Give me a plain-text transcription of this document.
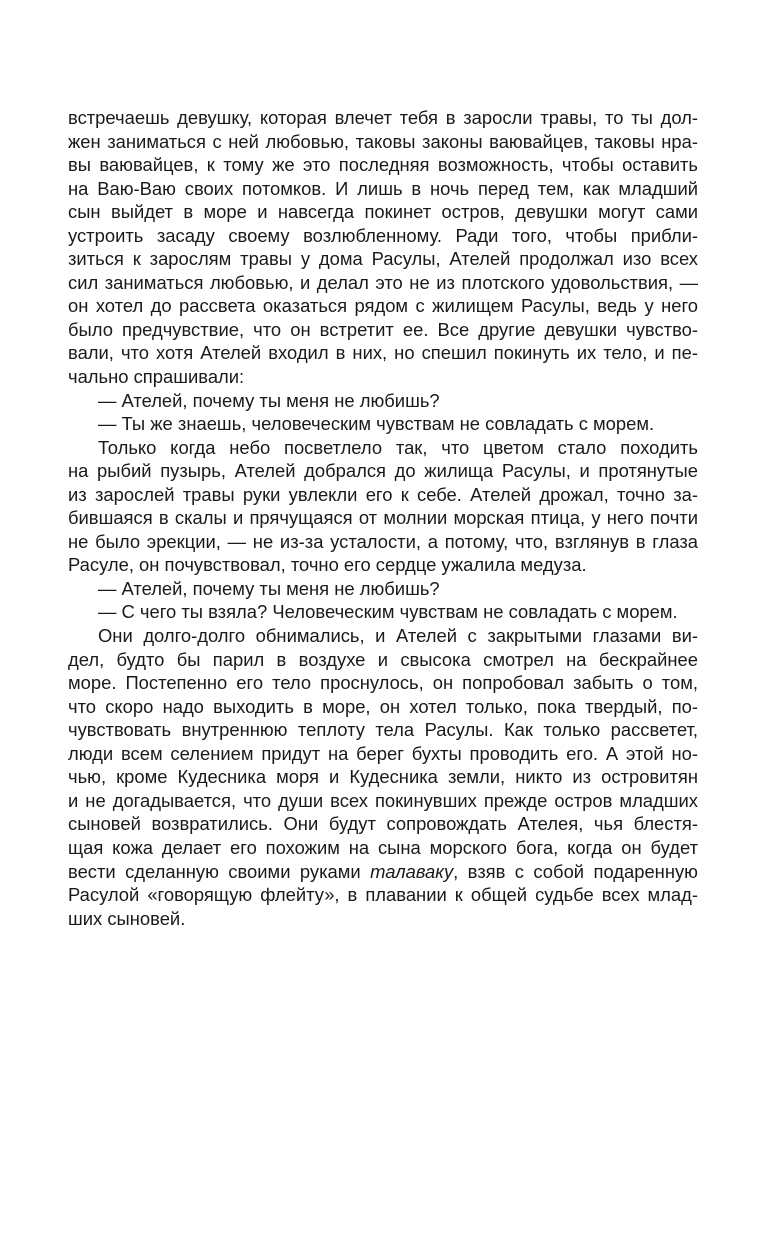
встречаешь девушку, которая влечет тебя в заросли травы, то ты дол-
жен заниматься с ней любовью, таковы законы ваювайцев, таковы нра-
вы ваювайцев, к тому же это последняя возможность, чтобы оставить
на Ваю-Ваю своих потомков. И лишь в ночь перед тем, как младший
сын выйдет в море и навсегда покинет остров, девушки могут сами
устроить засаду своему возлюбленному. Ради того, чтобы прибли-
зиться к зарослям травы у дома Расулы, Ателей продолжал изо всех
сил заниматься любовью, и делал это не из плотского удовольствия, —
он хотел до рассвета оказаться рядом с жилищем Расулы, ведь у него
было предчувствие, что он встретит ее. Все другие девушки чувство-
вали, что хотя Ателей входил в них, но спешил покинуть их тело, и пе-
чально спрашивали:
— Ателей, почему ты меня не любишь?
— Ты же знаешь, человеческим чувствам не совладать с морем.
Только когда небо посветлело так, что цветом стало походить
на рыбий пузырь, Ателей добрался до жилища Расулы, и протянутые
из зарослей травы руки увлекли его к себе. Ателей дрожал, точно за-
бившаяся в скалы и прячущаяся от молнии морская птица, у него почти
не было эрекции, — не из-за усталости, а потому, что, взглянув в глаза
Расуле, он почувствовал, точно его сердце ужалила медуза.
— Ателей, почему ты меня не любишь?
— С чего ты взяла? Человеческим чувствам не совладать с морем.
Они долго-долго обнимались, и Ателей с закрытыми глазами ви-
дел, будто бы парил в воздухе и свысока смотрел на бескрайнее
море. Постепенно его тело проснулось, он попробовал забыть о том,
что скоро надо выходить в море, он хотел только, пока твердый, по-
чувствовать внутреннюю теплоту тела Расулы. Как только рассветет,
люди всем селением придут на берег бухты проводить его. А этой но-
чью, кроме Кудесника моря и Кудесника земли, никто из островитян
и не догадывается, что души всех покинувших прежде остров младших
сыновей возвратились. Они будут сопровождать Ателея, чья блестя-
щая кожа делает его похожим на сына морского бога, когда он будет
вести сделанную своими руками талаваку, взяв с собой подаренную
Расулой «говорящую флейту», в плавании к общей судьбе всех млад-
ших сыновей.
